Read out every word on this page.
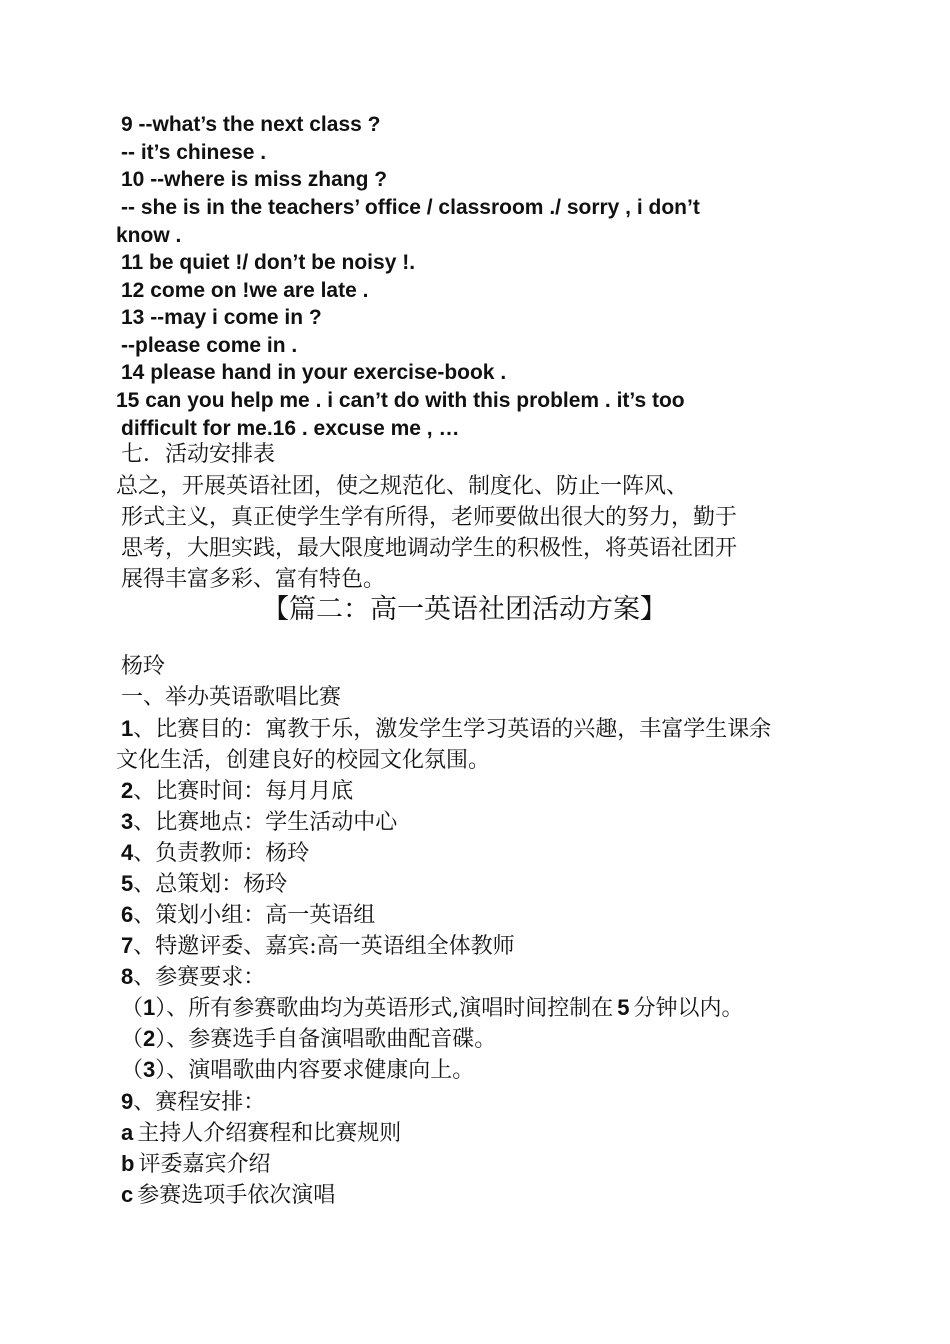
9 --what’s the next class ?
-- it’s chinese .
10 --where is miss zhang ?
-- she is in the teachers’ office / classroom ./ sorry , i don’t
know .
11 be quiet !/ don’t be noisy !.
12 come on !we are late .
13 --may i come in ?
--please come in .
14 please hand in your exercise-book .
15 can you help me . i can’t do with this problem . it’s too
difficult for me.16 . excuse me , …
七．活动安排表
总之，开展英语社团，使之规范化、制度化、防止一阵风、
形式主义，真正使学生学有所得，老师要做出很大的努力，勤于
思考，大胆实践，最大限度地调动学生的积极性，将英语社团开
展得丰富多彩、富有特色。
【篇二：高一英语社团活动方案】
杨玲
一、举办英语歌唱比赛
1、比赛目的：寓教于乐，激发学生学习英语的兴趣，丰富学生课余
文化生活，创建良好的校园文化氛围。
2、比赛时间：每月月底
3、比赛地点：学生活动中心
4、负责教师：杨玲
5、总策划：杨玲
6、策划小组：高一英语组
7、特邀评委、嘉宾:高一英语组全体教师
8、参赛要求：
（1）、所有参赛歌曲均为英语形式,演唱时间控制在 5 分钟以内。
（2）、参赛选手自备演唱歌曲配音碟。
（3）、演唱歌曲内容要求健康向上。
9、赛程安排：
a 主持人介绍赛程和比赛规则
b 评委嘉宾介绍
c 参赛选项手依次演唱
